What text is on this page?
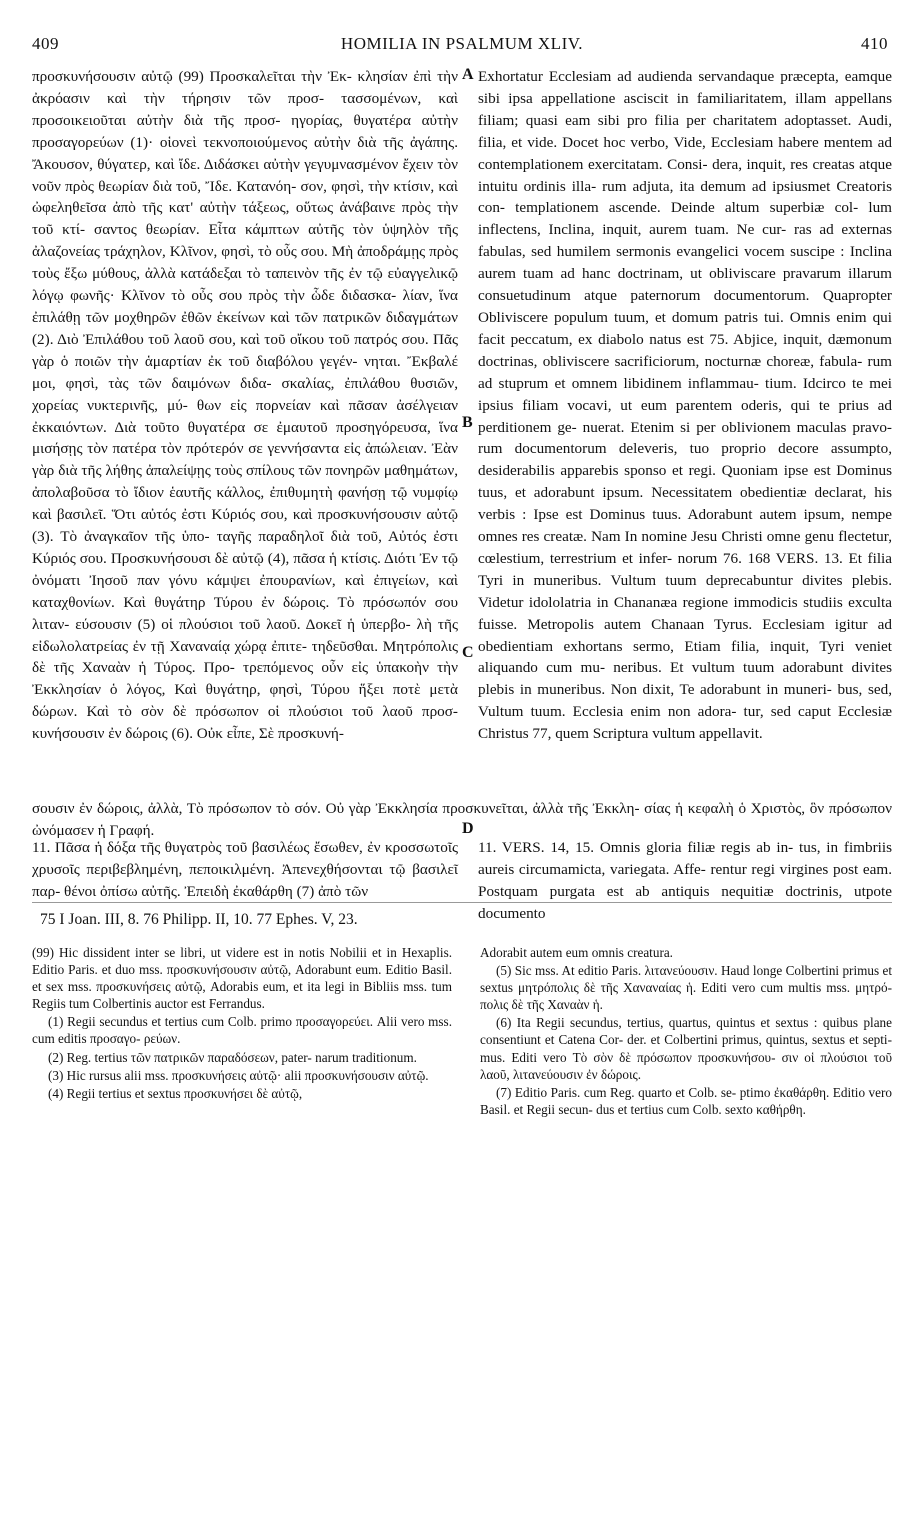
409	HOMILIA IN PSALMUM XLIV.	410
A
B
C
D

προσκυνήσουσιν αὐτῷ (99) Προσκαλεῖται τὴν Ἐκ- κλησίαν ἐπὶ τὴν ἀκρόασιν καὶ τὴν τήρησιν τῶν προσ- τασσομένων, καὶ προσοικειοῦται αὐτὴν διὰ τῆς προσ- ηγορίας, θυγατέρα αὐτὴν προσαγορεύων (1)· οἱονεὶ τεκνοποιούμενος αὐτὴν διὰ τῆς ἀγάπης. Ἄκουσον, θύγατερ, καὶ ἴδε. Διδάσκει αὐτὴν γεγυμνασμένον ἔχειν τὸν νοῦν πρὸς θεωρίαν διὰ τοῦ, Ἴδε. Κατανόη- σον, φησὶ, τὴν κτίσιν, καὶ ὠφεληθεῖσα ἀπὸ τῆς κατ' αὐτὴν τάξεως, οὕτως ἀνάβαινε πρὸς τὴν τοῦ κτί- σαντος θεωρίαν. Εἶτα κάμπτων αὐτῆς τὸν ὑψηλὸν τῆς ἀλαζονείας τράχηλον, Κλῖνον, φησὶ, τὸ οὖς σου. Μὴ ἀποδράμῃς πρὸς τοὺς ἔξω μύθους, ἀλλὰ κατάδεξαι τὸ ταπεινὸν τῆς ἐν τῷ εὐαγγελικῷ λόγῳ φωνῆς· Κλῖνον τὸ οὖς σου πρὸς τὴν ὧδε διδασκα- λίαν, ἵνα ἐπιλάθῃ τῶν μοχθηρῶν ἐθῶν ἐκείνων καὶ τῶν πατρικῶν διδαγμάτων (2). Διὸ Ἐπιλάθου τοῦ λαοῦ σου, καὶ τοῦ οἴκου τοῦ πατρός σου. Πᾶς γὰρ ὁ ποιῶν τὴν ἁμαρτίαν ἐκ τοῦ διαβόλου γεγέν- νηται. Ἔκβαλέ μοι, φησὶ, τὰς τῶν δαιμόνων διδα- σκαλίας, ἐπιλάθου θυσιῶν, χορείας νυκτερινῆς, μύ- θων εἰς πορνείαν καὶ πᾶσαν ἀσέλγειαν ἐκκαιόντων. Διὰ τοῦτο θυγατέρα σε ἐμαυτοῦ προσηγόρευσα, ἵνα μισήσῃς τὸν πατέρα τὸν πρότερόν σε γεννήσαντα εἰς ἀπώλειαν. Ἐὰν γὰρ διὰ τῆς λήθης ἀπαλείψῃς τοὺς σπίλους τῶν πονηρῶν μαθημάτων, ἀπολαβοῦσα τὸ ἴδιον ἑαυτῆς κάλλος, ἐπιθυμητὴ φανήσῃ τῷ νυμφίῳ καὶ βασιλεῖ. Ὅτι αὐτός ἐστι Κύριός σου, καὶ προσκυνήσουσιν αὐτῷ (3). Τὸ ἀναγκαῖον τῆς ὑπο- ταγῆς παραδηλοῖ διὰ τοῦ, Αὐτός ἐστι Κύριός σου. Προσκυνήσουσι δὲ αὐτῷ (4), πᾶσα ἡ κτίσις. Διότι Ἐν τῷ ὀνόματι Ἰησοῦ παν γόνυ κάμψει ἐπουρανίων, καὶ ἐπιγείων, καὶ καταχθονίων. Καὶ θυγάτηρ Τύρου ἐν δώροις. Τὸ πρόσωπόν σου λιταν- εύσουσιν (5) οἱ πλούσιοι τοῦ λαοῦ. Δοκεῖ ἡ ὑπερβο- λὴ τῆς εἰδωλολατρείας ἐν τῇ Χαναναίᾳ χώρᾳ ἐπιτε- τηδεῦσθαι. Μητρόπολις δὲ τῆς Χαναὰν ἡ Τύρος. Προ- τρεπόμενος οὖν εἰς ὑπακοὴν τὴν Ἐκκλησίαν ὁ λόγος, Καὶ θυγάτηρ, φησὶ, Τύρου ἥξει ποτὲ μετὰ δώρων. Καὶ τὸ σὸν δὲ πρόσωπον οἱ πλούσιοι τοῦ λαοῦ προσ- κυνήσουσιν ἐν δώροις (6). Οὐκ εἶπε, Σὲ προσκυνή-

Exhortatur Ecclesiam ad audienda servandaque præcepta, eamque sibi ipsa appellatione asciscit in familiaritatem, illam appellans filiam; quasi eam sibi pro filia per charitatem adoptasset. Audi, filia, et vide. Docet hoc verbo, Vide, Ecclesiam habere mentem ad contemplationem exercitatam. Consi- dera, inquit, res creatas atque intuitu ordinis illa- rum adjuta, ita demum ad ipsiusmet Creatoris con- templationem ascende. Deinde altum superbiæ col- lum inflectens, Inclina, inquit, aurem tuam. Ne cur- ras ad externas fabulas, sed humilem sermonis evangelici vocem suscipe : Inclina aurem tuam ad hanc doctrinam, ut obliviscare pravarum illarum consuetudinum atque paternorum documentorum. Quapropter Obliviscere populum tuum, et domum patris tui. Omnis enim qui facit peccatum, ex diabolo natus est 75. Abjice, inquit, dæmonum doctrinas, obliviscere sacrificiorum, nocturnæ choreæ, fabula- rum ad stuprum et omnem libidinem inflammau- tium. Idcirco te mei ipsius filiam vocavi, ut eum parentem oderis, qui te prius ad perditionem ge- nuerat. Etenim si per oblivionem maculas pravo- rum documentorum deleveris, tuo proprio decore assumpto, desiderabilis apparebis sponso et regi. Quoniam ipse est Dominus tuus, et adorabunt ipsum. Necessitatem obedientiæ declarat, his verbis : Ipse est Dominus tuus. Adorabunt autem ipsum, nempe omnes res creatæ. Nam In nomine Jesu Christi omne genu flectetur, cœlestium, terrestrium et infer- norum 76. 168 VERS. 13. Et filia Tyri in muneribus. Vultum tuum deprecabuntur divites plebis. Videtur idololatria in Chananæa regione immodicis studiis exculta fuisse. Metropolis autem Chanaan Tyrus. Ecclesiam igitur ad obedientiam exhortans sermo, Etiam filia, inquit, Tyri veniet aliquando cum mu- neribus. Et vultum tuum adorabunt divites plebis in muneribus. Non dixit, Te adorabunt in muneri- bus, sed, Vultum tuum. Ecclesia enim non adora- tur, sed caput Ecclesiæ Christus 77, quem Scriptura vultum appellavit.

σουσιν ἐν δώροις, ἀλλὰ, Τὸ πρόσωπον τὸ σόν. Οὐ γὰρ Ἐκκλησία προσκυνεῖται, ἀλλὰ τῆς Ἐκκλη- σίας ἡ κεφαλὴ ὁ Χριστὸς, ὃν πρόσωπον ὠνόμασεν ἡ Γραφή.

11. Πᾶσα ἡ δόξα τῆς θυγατρὸς τοῦ βασιλέως ἔσωθεν, ἐν κροσσωτοῖς χρυσοῖς περιβεβλημένη, πεποικιλμένη. Ἀπενεχθήσονται τῷ βασιλεῖ παρ- θένοι ὀπίσω αὐτῆς. Ἐπειδὴ ἐκαθάρθη (7) ἀπὸ τῶν

11. VERS. 14, 15. Omnis gloria filiæ regis ab in- tus, in fimbriis aureis circumamicta, variegata. Affe- rentur regi virgines post eam. Postquam purgata est ab antiquis nequitiæ doctrinis, utpote documento

75 I Joan. III, 8. 76 Philipp. II, 10. 77 Ephes. V, 23.

(99) Hic dissident inter se libri, ut videre est in notis Nobilii et in Hexaplis. Editio Paris. et duo mss. προσκυνήσουσιν αὐτῷ, Adorabunt eum. Editio Basil. et sex mss. προσκυνήσεις αὐτῷ, Adorabis eum, et ita legi in Bibliis mss. tum Regiis tum Colbertinis auctor est Ferrandus.

(1) Regii secundus et tertius cum Colb. primo προσαγορεύει. Alii vero mss. cum editis προσαγο- ρεύων.

(2) Reg. tertius τῶν πατρικῶν παραδόσεων, pater- narum traditionum.

(3) Hic rursus alii mss. προσκυνήσεις αὐτῷ· alii προσκυνήσουσιν αὐτῷ.

(4) Regii tertius et sextus προσκυνήσει δὲ αὐτῷ,

Adorabit autem eum omnis creatura.

(5) Sic mss. At editio Paris. λιτανεύουσιν. Haud longe Colbertini primus et sextus μητρόπολις δὲ τῆς Χαναναίας ἡ. Editi vero cum multis mss. μητρό- πολις δὲ τῆς Χαναὰν ἡ.

(6) Ita Regii secundus, tertius, quartus, quintus et sextus : quibus plane consentiunt et Catena Cor- der. et Colbertini primus, quintus, sextus et septi- mus. Editi vero Τὸ σὸν δὲ πρόσωπον προσκυνήσου- σιν οἱ πλούσιοι τοῦ λαοῦ, λιτανεύουσιν ἐν δώροις.

(7) Editio Paris. cum Reg. quarto et Colb. se- ptimo ἐκαθάρθη. Editio vero Basil. et Regii secun- dus et tertius cum Colb. sexto καθήρθη.
